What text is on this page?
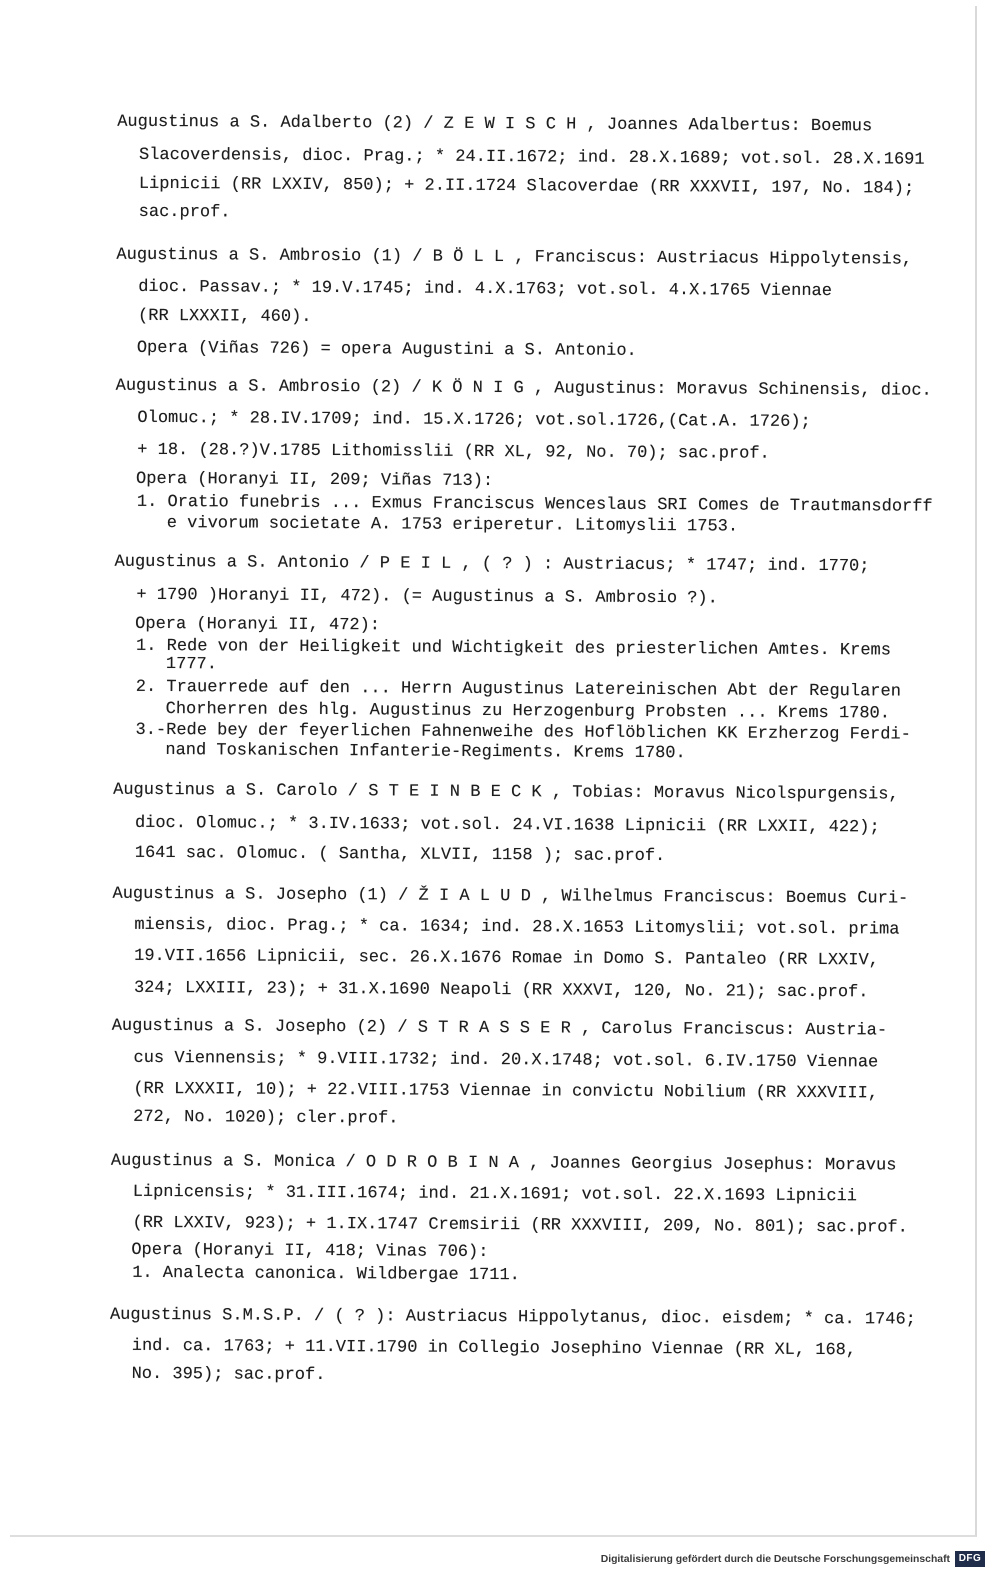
Augustinus a S. Adalberto (2) / Z E W I S C H , Joannes Adalbertus: Boemus
Slacoverdensis, dioc. Prag.; * 24.II.1672; ind. 28.X.1689; vot.sol. 28.X.1691
Lipnicii (RR LXXIV, 850); + 2.II.1724 Slacoverdae (RR XXXVII, 197, No. 184);
sac.prof.
Augustinus a S. Ambrosio (1) / B Ö L L , Franciscus: Austriacus Hippolytensis,
dioc. Passav.; * 19.V.1745; ind. 4.X.1763; vot.sol. 4.X.1765 Viennae
(RR LXXXII, 460).
Opera (Viñas 726) = opera Augustini a S. Antonio.
Augustinus a S. Ambrosio (2) / K Ö N I G , Augustinus: Moravus Schinensis, dioc.
Olomuc.; * 28.IV.1709; ind. 15.X.1726; vot.sol.1726,(Cat.A. 1726);
+ 18. (28.?)V.1785 Lithomisslii (RR XL, 92, No. 70); sac.prof.
Opera (Horanyi II, 209; Viñas 713):
1. Oratio funebris ... Exmus Franciscus Wenceslaus SRI Comes de Trautmansdorff
e vivorum societate A. 1753 eriperetur. Litomyslii 1753.
Augustinus a S. Antonio / P E I L , ( ? ) : Austriacus; * 1747; ind. 1770;
+ 1790 )Horanyi II, 472). (= Augustinus a S. Ambrosio ?).
Opera (Horanyi II, 472):
1. Rede von der Heiligkeit und Wichtigkeit des priesterlichen Amtes. Krems
1777.
2. Trauerrede auf den ... Herrn Augustinus Latereinischen Abt der Regularen
Chorherren des hlg. Augustinus zu Herzogenburg Probsten ... Krems 1780.
3.-Rede bey der feyerlichen Fahnenweihe des Hoflöblichen KK Erzherzog Ferdi-
nand Toskanischen Infanterie-Regiments. Krems 1780.
Augustinus a S. Carolo / S T E I N B E C K , Tobias: Moravus Nicolspurgensis,
dioc. Olomuc.; * 3.IV.1633; vot.sol. 24.VI.1638 Lipnicii (RR LXXII, 422);
1641 sac. Olomuc. ( Santha, XLVII, 1158 ); sac.prof.
Augustinus a S. Josepho (1) / Ž I A L U D , Wilhelmus Franciscus: Boemus Curi-
miensis, dioc. Prag.; * ca. 1634; ind. 28.X.1653 Litomyslii; vot.sol. prima
19.VII.1656 Lipnicii, sec. 26.X.1676 Romae in Domo S. Pantaleo (RR LXXIV,
324; LXXIII, 23); + 31.X.1690 Neapoli (RR XXXVI, 120, No. 21); sac.prof.
Augustinus a S. Josepho (2) / S T R A S S E R , Carolus Franciscus: Austria-
cus Viennensis; * 9.VIII.1732; ind. 20.X.1748; vot.sol. 6.IV.1750 Viennae
(RR LXXXII, 10); + 22.VIII.1753 Viennae in convictu Nobilium (RR XXXVIII,
272, No. 1020); cler.prof.
Augustinus a S. Monica / O D R O B I N A , Joannes Georgius Josephus: Moravus
Lipnicensis; * 31.III.1674; ind. 21.X.1691; vot.sol. 22.X.1693 Lipnicii
(RR LXXIV, 923); + 1.IX.1747 Cremsirii (RR XXXVIII, 209, No. 801); sac.prof.
Opera (Horanyi II, 418; Vinas 706):
1. Analecta canonica. Wildbergae 1711.
Augustinus S.M.S.P. / ( ? ): Austriacus Hippolytanus, dioc. eisdem; * ca. 1746;
ind. ca. 1763; + 11.VII.1790 in Collegio Josephino Viennae (RR XL, 168,
No. 395); sac.prof.
Digitalisierung gefördert durch die Deutsche Forschungsgemeinschaft DFG
